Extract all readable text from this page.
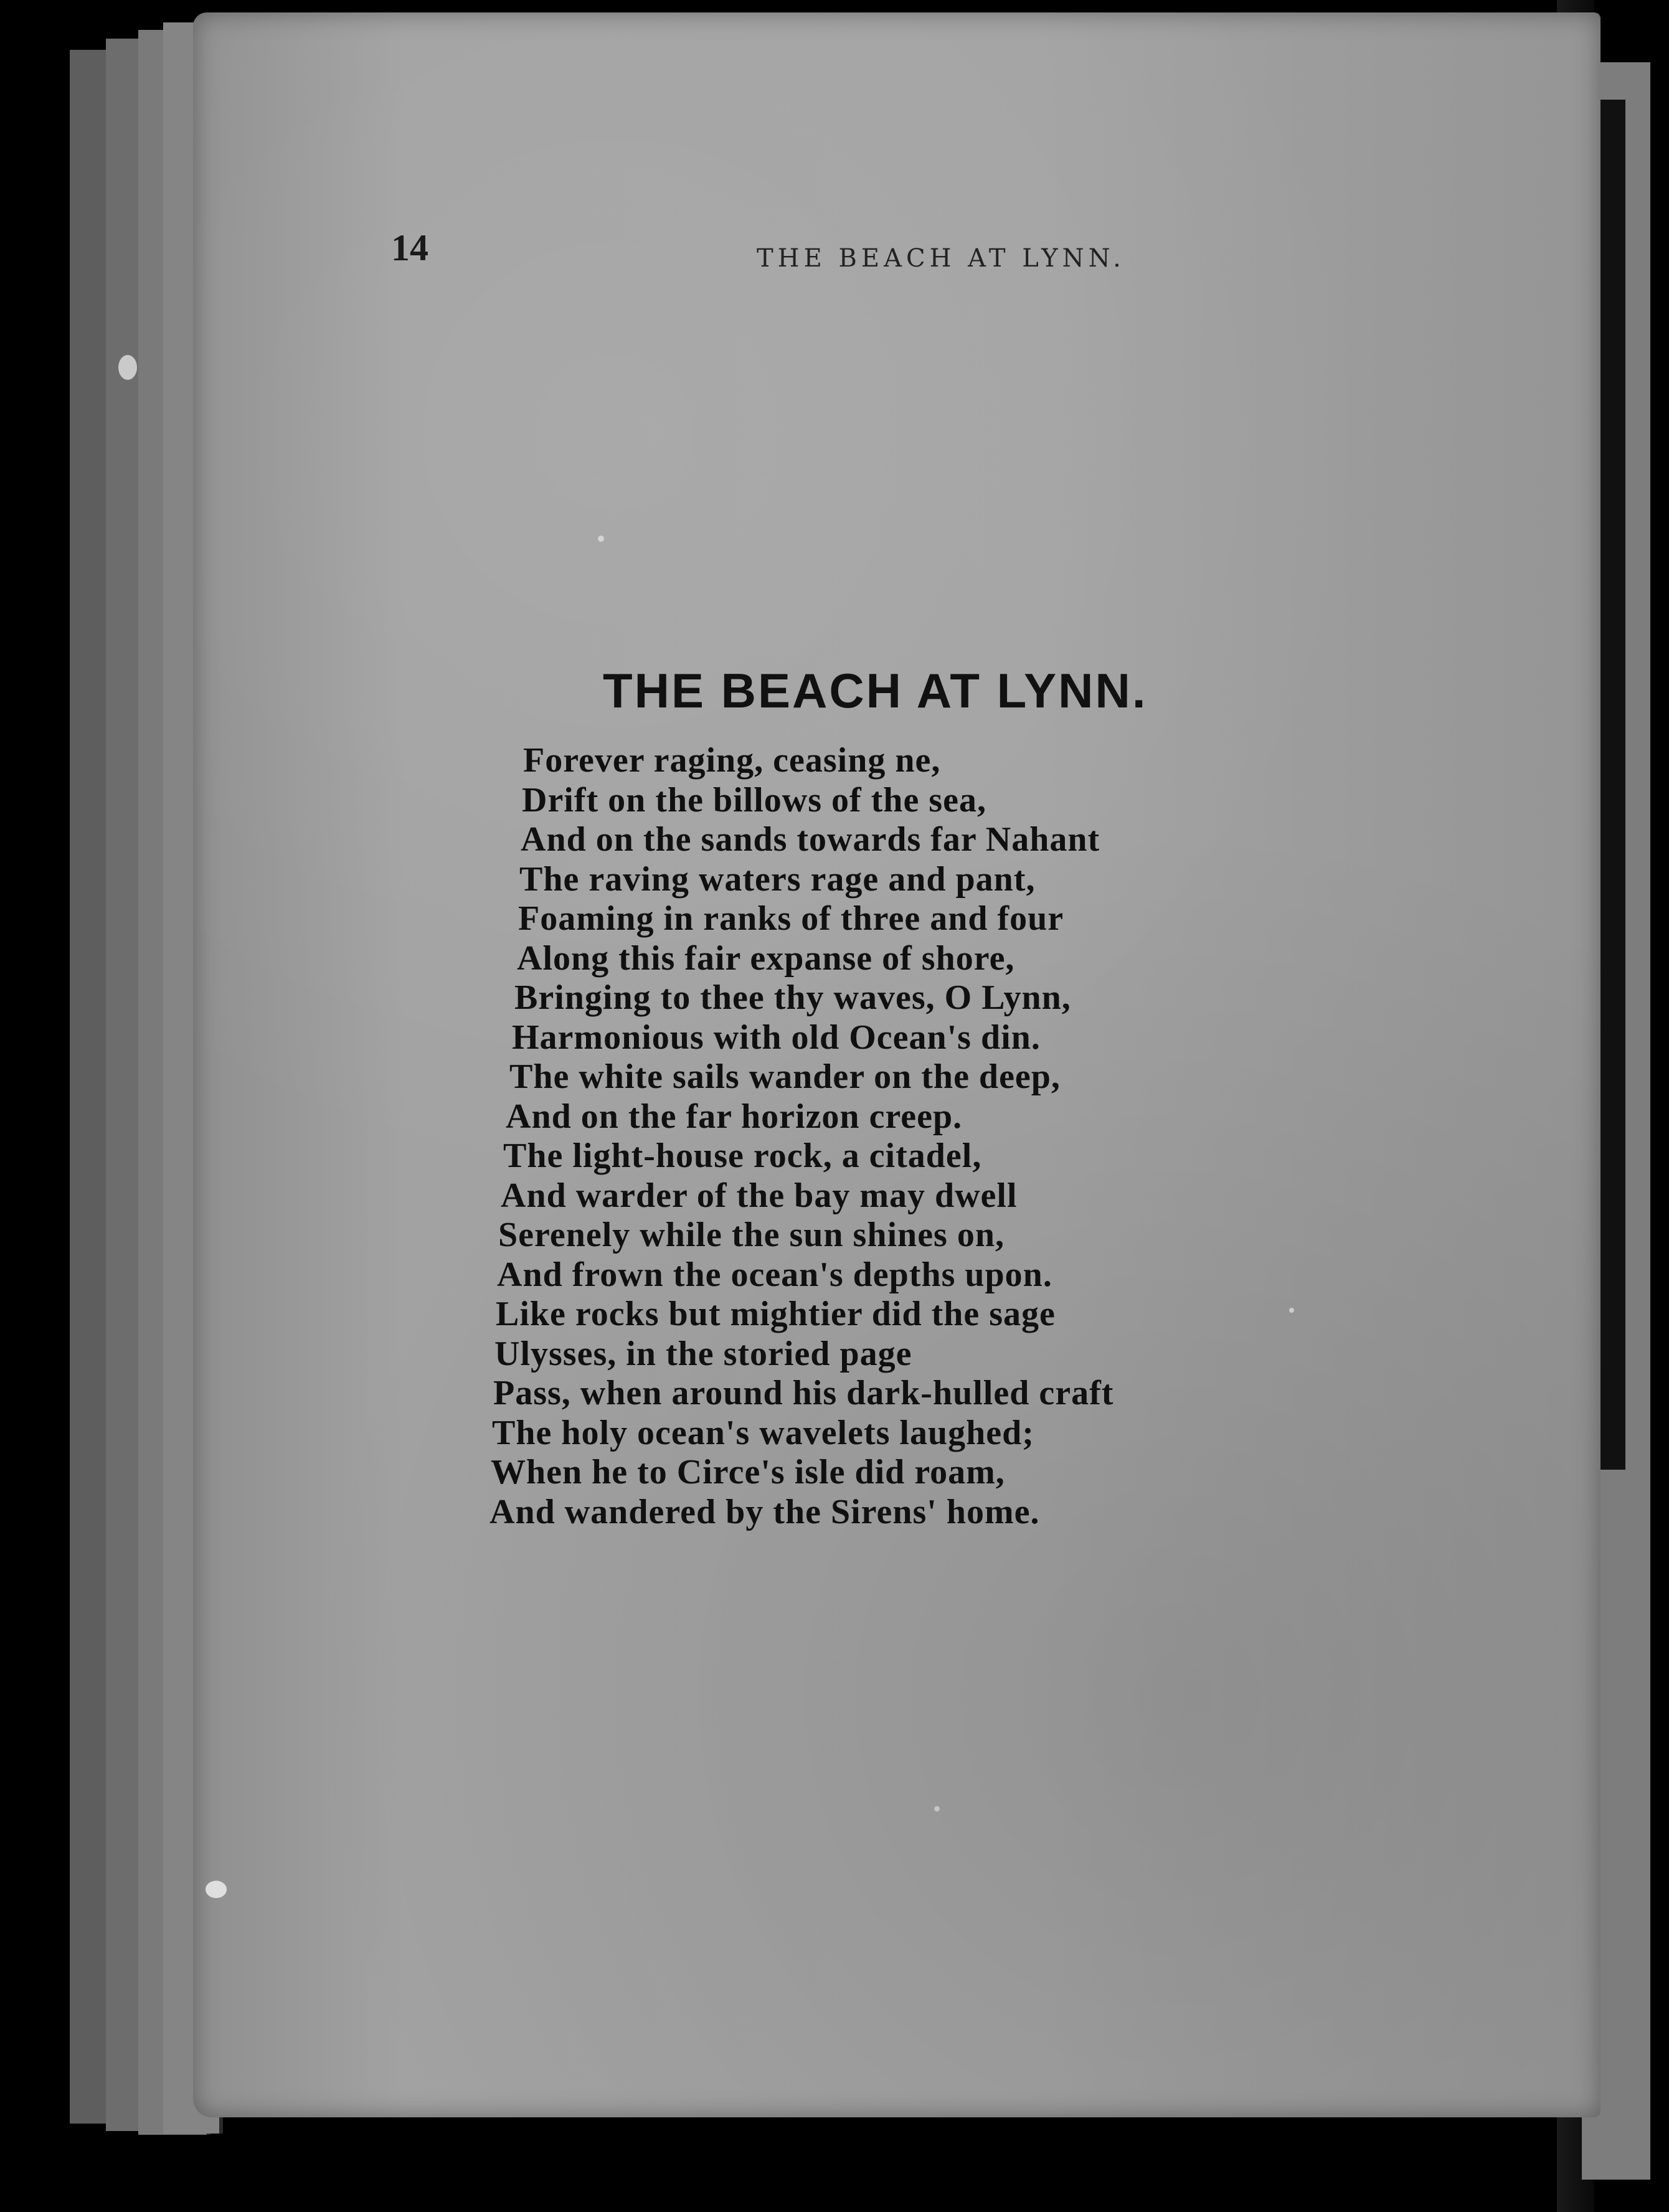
14	THE BEACH AT LYNN.
THE BEACH AT LYNN.
Forever raging, ceasing ne,
Drift on the billows of the sea,
And on the sands towards far Nahant
The raving waters rage and pant,
Foaming in ranks of three and four
Along this fair expanse of shore,
Bringing to thee thy waves, O Lynn,
Harmonious with old Ocean's din.
The white sails wander on the deep,
And on the far horizon creep.
The light-house rock, a citadel,
And warder of the bay may dwell
Serenely while the sun shines on,
And frown the ocean's depths upon.
Like rocks but mightier did the sage
Ulysses, in the storied page
Pass, when around his dark-hulled craft
The holy ocean's wavelets laughed;
When he to Circe's isle did roam,
And wandered by the Sirens' home.
